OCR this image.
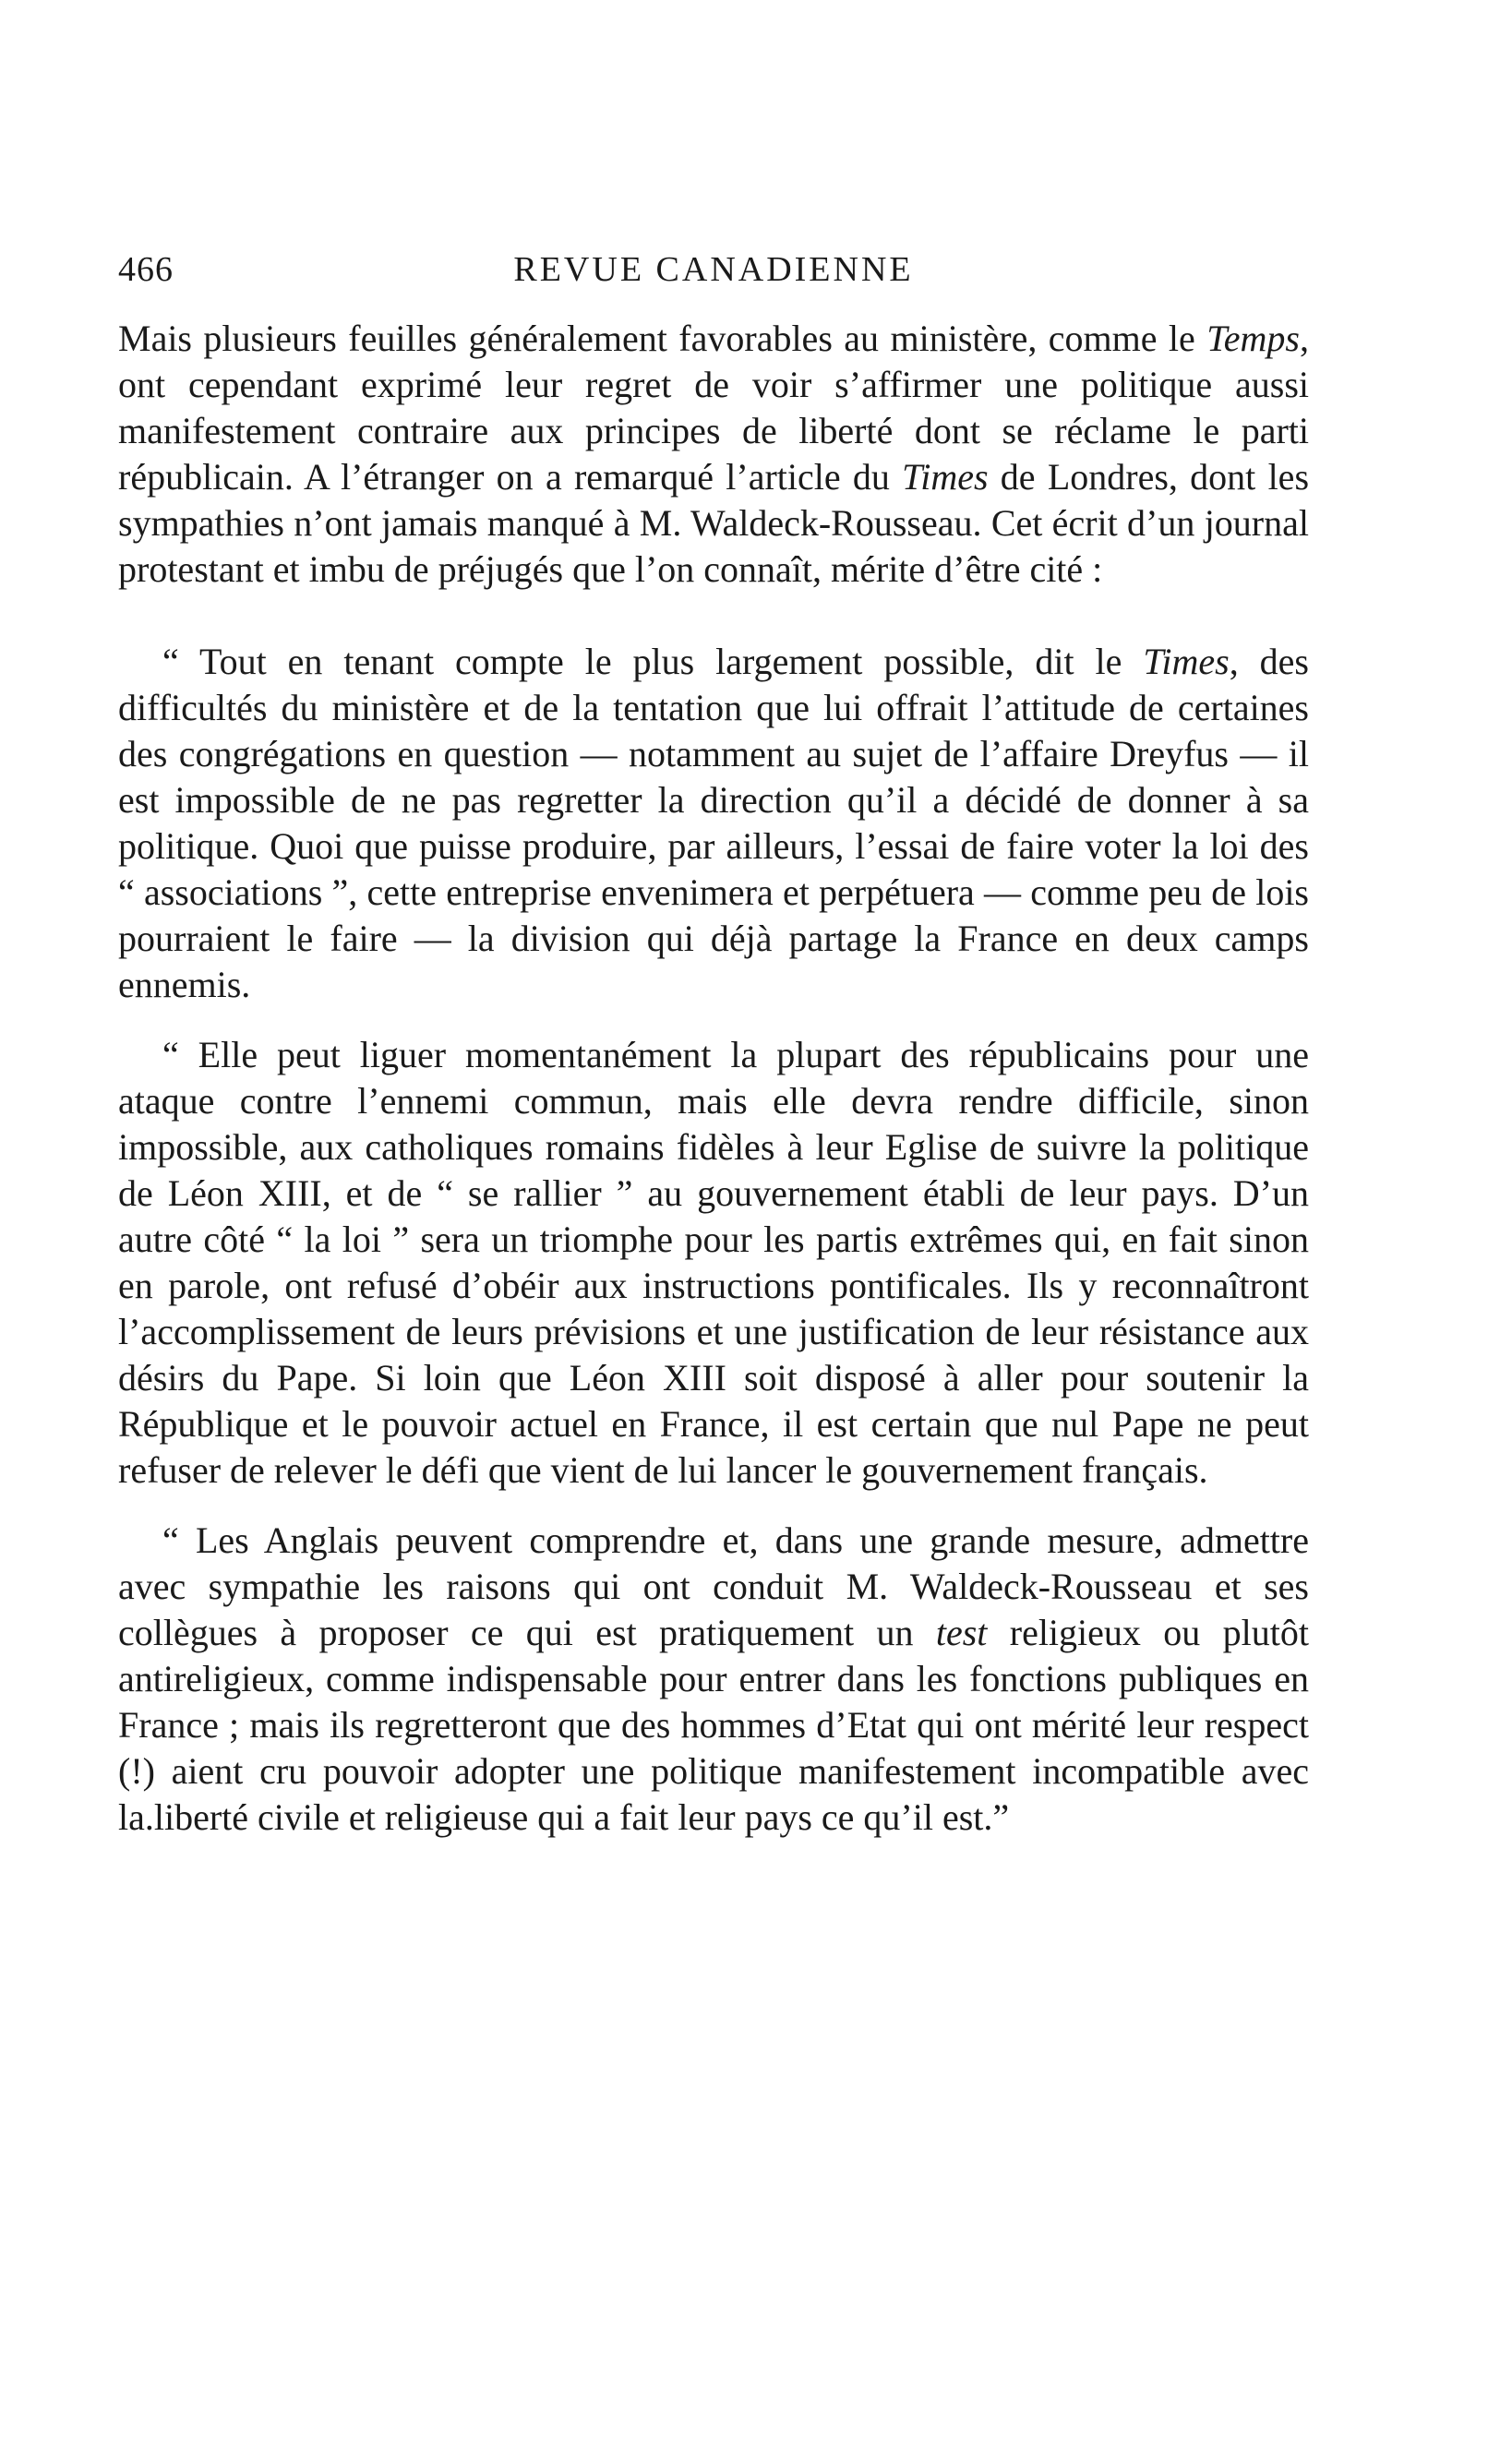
466	REVUE CANADIENNE

Mais plusieurs feuilles généralement favorables au ministère, comme le Temps, ont cependant exprimé leur regret de voir s’affirmer une politique aussi manifestement contraire aux principes de liberté dont se réclame le parti républicain. A l’étranger on a remarqué l’article du Times de Londres, dont les sympathies n’ont jamais manqué à M. Waldeck-Rousseau. Cet écrit d’un journal protestant et imbu de préjugés que l’on connaît, mérite d’être cité :

“ Tout en tenant compte le plus largement possible, dit le Times, des difficultés du ministère et de la tentation que lui offrait l’attitude de certaines des congrégations en question — notamment au sujet de l’affaire Dreyfus — il est impossible de ne pas regretter la direction qu’il a décidé de donner à sa politique. Quoi que puisse produire, par ailleurs, l’essai de faire voter la loi des “ associations ”, cette entreprise envenimera et perpétuera — comme peu de lois pourraient le faire — la division qui déjà partage la France en deux camps ennemis.

“ Elle peut liguer momentanément la plupart des républicains pour une ataque contre l’ennemi commun, mais elle devra rendre difficile, sinon impossible, aux catholiques romains fidèles à leur Eglise de suivre la politique de Léon XIII, et de “ se rallier ” au gouvernement établi de leur pays. D’un autre côté “ la loi ” sera un triomphe pour les partis extrêmes qui, en fait sinon en parole, ont refusé d’obéir aux instructions pontificales. Ils y reconnaîtront l’accomplissement de leurs prévisions et une justification de leur résistance aux désirs du Pape. Si loin que Léon XIII soit disposé à aller pour soutenir la République et le pouvoir actuel en France, il est certain que nul Pape ne peut refuser de relever le défi que vient de lui lancer le gouvernement français.

“ Les Anglais peuvent comprendre et, dans une grande mesure, admettre avec sympathie les raisons qui ont conduit M. Waldeck-Rousseau et ses collègues à proposer ce qui est pratiquement un test religieux ou plutôt antireligieux, comme indispensable pour entrer dans les fonctions publiques en France ; mais ils regretteront que des hommes d’Etat qui ont mérité leur respect (!) aient cru pouvoir adopter une politique manifestement incompatible avec la.liberté civile et religieuse qui a fait leur pays ce qu’il est.”
